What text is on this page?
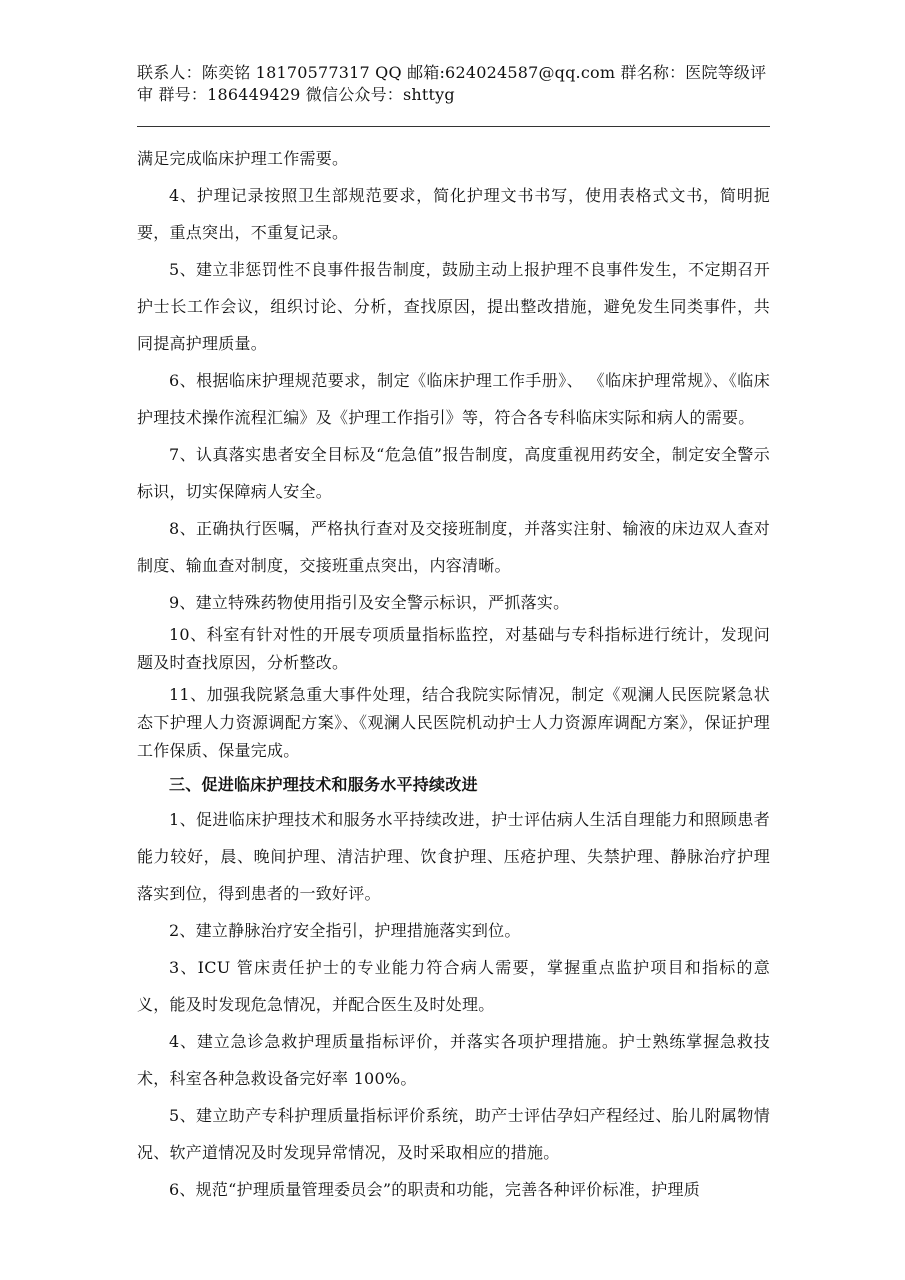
联系人：陈奕铭 18170577317 QQ 邮箱:624024587@qq.com 群名称：医院等级评审 群号：186449429 微信公众号：shttyg

满足完成临床护理工作需要。

4、护理记录按照卫生部规范要求，简化护理文书书写，使用表格式文书，简明扼要，重点突出，不重复记录。

5、建立非惩罚性不良事件报告制度，鼓励主动上报护理不良事件发生，不定期召开护士长工作会议，组织讨论、分析，查找原因，提出整改措施，避免发生同类事件，共同提高护理质量。

6、根据临床护理规范要求，制定《临床护理工作手册》、 《临床护理常规》、《临床护理技术操作流程汇编》及《护理工作指引》等，符合各专科临床实际和病人的需要。

7、认真落实患者安全目标及“危急值”报告制度，高度重视用药安全，制定安全警示标识，切实保障病人安全。

8、正确执行医嘱，严格执行查对及交接班制度，并落实注射、输液的床边双人查对制度、输血查对制度，交接班重点突出，内容清晰。

9、建立特殊药物使用指引及安全警示标识，严抓落实。

10、科室有针对性的开展专项质量指标监控，对基础与专科指标进行统计，发现问题及时查找原因，分析整改。

11、加强我院紧急重大事件处理，结合我院实际情况，制定《观澜人民医院紧急状态下护理人力资源调配方案》、《观澜人民医院机动护士人力资源库调配方案》，保证护理工作保质、保量完成。

三、促进临床护理技术和服务水平持续改进

1、促进临床护理技术和服务水平持续改进，护士评估病人生活自理能力和照顾患者能力较好，晨、晚间护理、清洁护理、饮食护理、压疮护理、失禁护理、静脉治疗护理落实到位，得到患者的一致好评。

2、建立静脉治疗安全指引，护理措施落实到位。

3、ICU 管床责任护士的专业能力符合病人需要，掌握重点监护项目和指标的意义，能及时发现危急情况，并配合医生及时处理。

4、建立急诊急救护理质量指标评价，并落实各项护理措施。护士熟练掌握急救技术，科室各种急救设备完好率 100%。

5、建立助产专科护理质量指标评价系统，助产士评估孕妇产程经过、胎儿附属物情况、软产道情况及时发现异常情况，及时采取相应的措施。

6、规范“护理质量管理委员会”的职责和功能，完善各种评价标准，护理质
